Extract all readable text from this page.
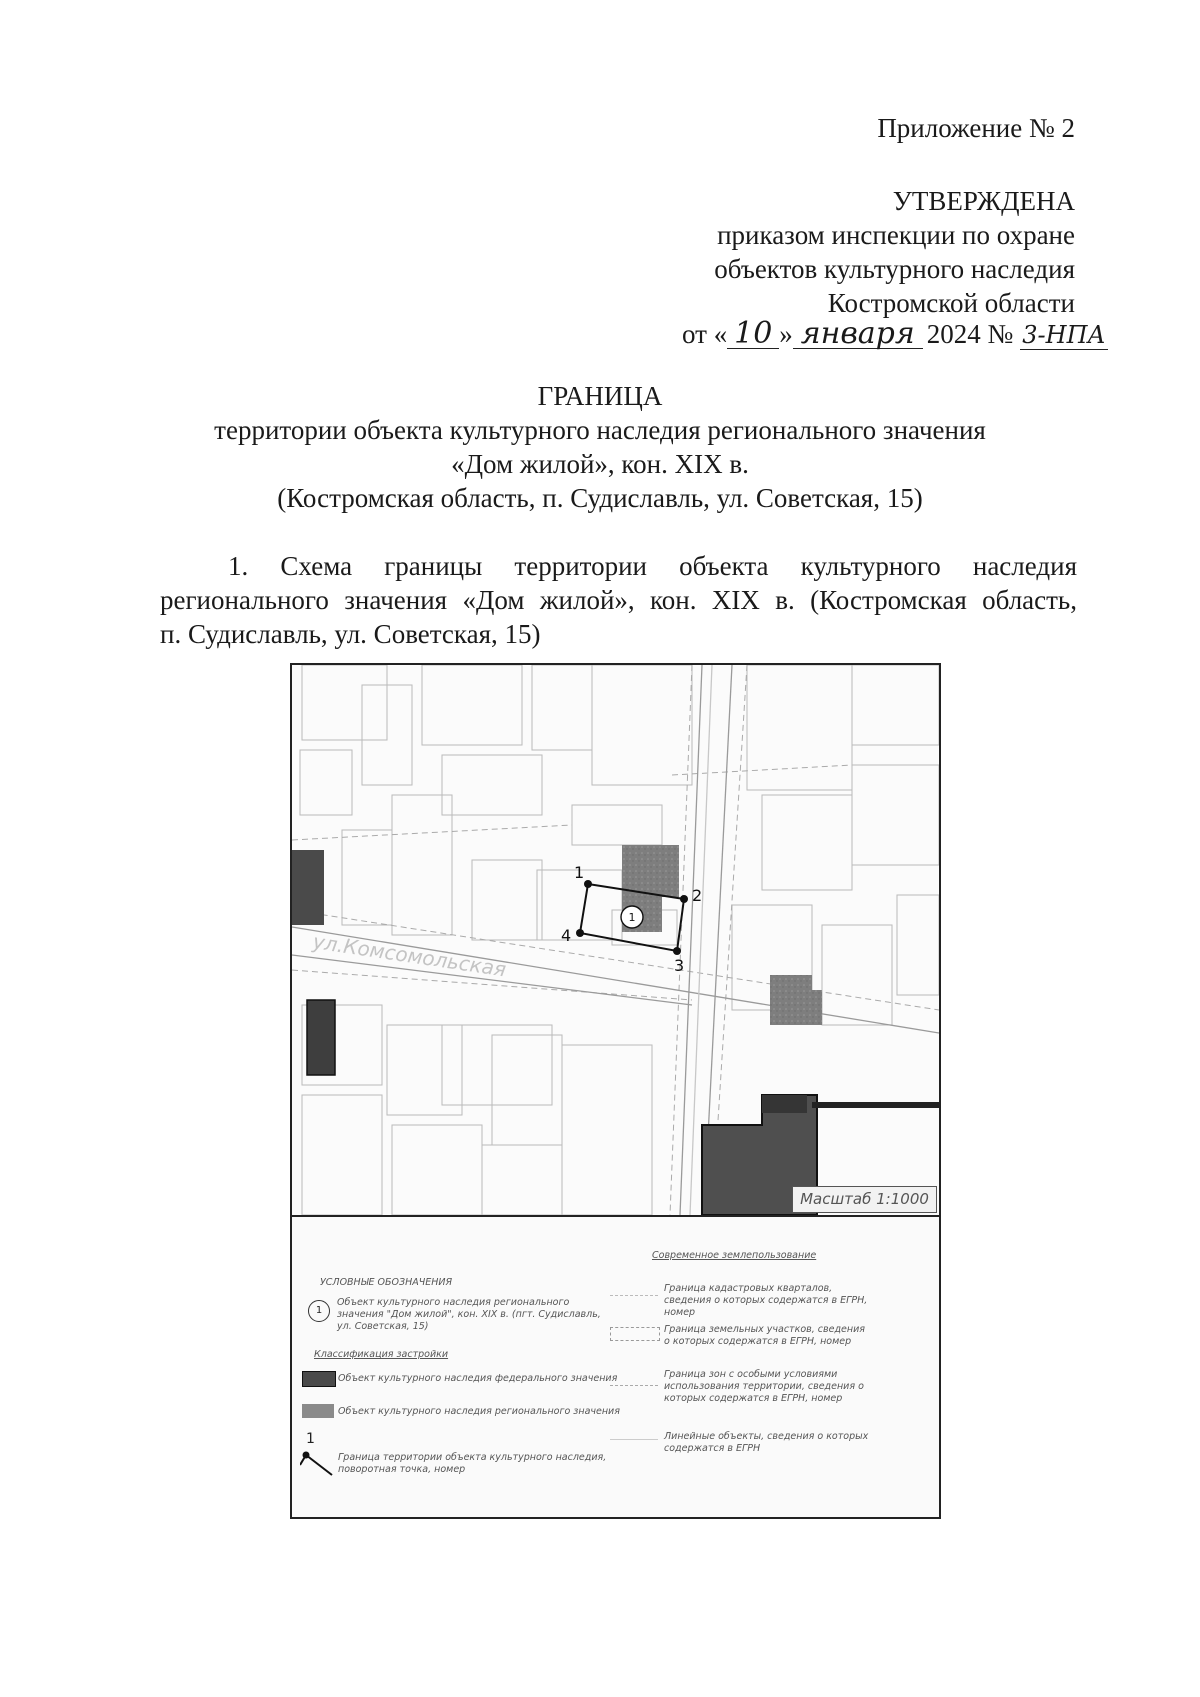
Приложение № 2
УТВЕРЖДЕНА
приказом инспекции по охране
объектов культурного наследия
Костромской области
от « 10 » января 2024 № 3-НПА
ГРАНИЦА
территории объекта культурного наследия регионального значения
«Дом жилой», кон. XIX в.
(Костромская область, п. Судиславль, ул. Советская, 15)
1. Схема границы территории объекта культурного наследия
регионального значения «Дом жилой», кон. XIX в. (Костромская область,
п. Судиславль, ул. Советская, 15)
ул.Комсомольская
1
1
2
3
4
Масштаб 1:1000
Современное землепользование
УСЛОВНЫЕ ОБОЗНАЧЕНИЯ
1
Объект культурного наследия регионального
значения "Дом жилой", кон. XIX в. (пгт. Судиславль,
ул. Советская, 15)
Классификация застройки
Объект культурного наследия федерального значения
Объект культурного наследия регионального значения
1
Граница территории объекта культурного наследия,
поворотная точка, номер
Граница кадастровых кварталов,
сведения о которых содержатся в ЕГРН,
номер
Граница земельных участков, сведения
о которых содержатся в ЕГРН, номер
Граница зон с особыми условиями
использования территории, сведения о
которых содержатся в ЕГРН, номер
Линейные объекты, сведения о которых
содержатся в ЕГРН
